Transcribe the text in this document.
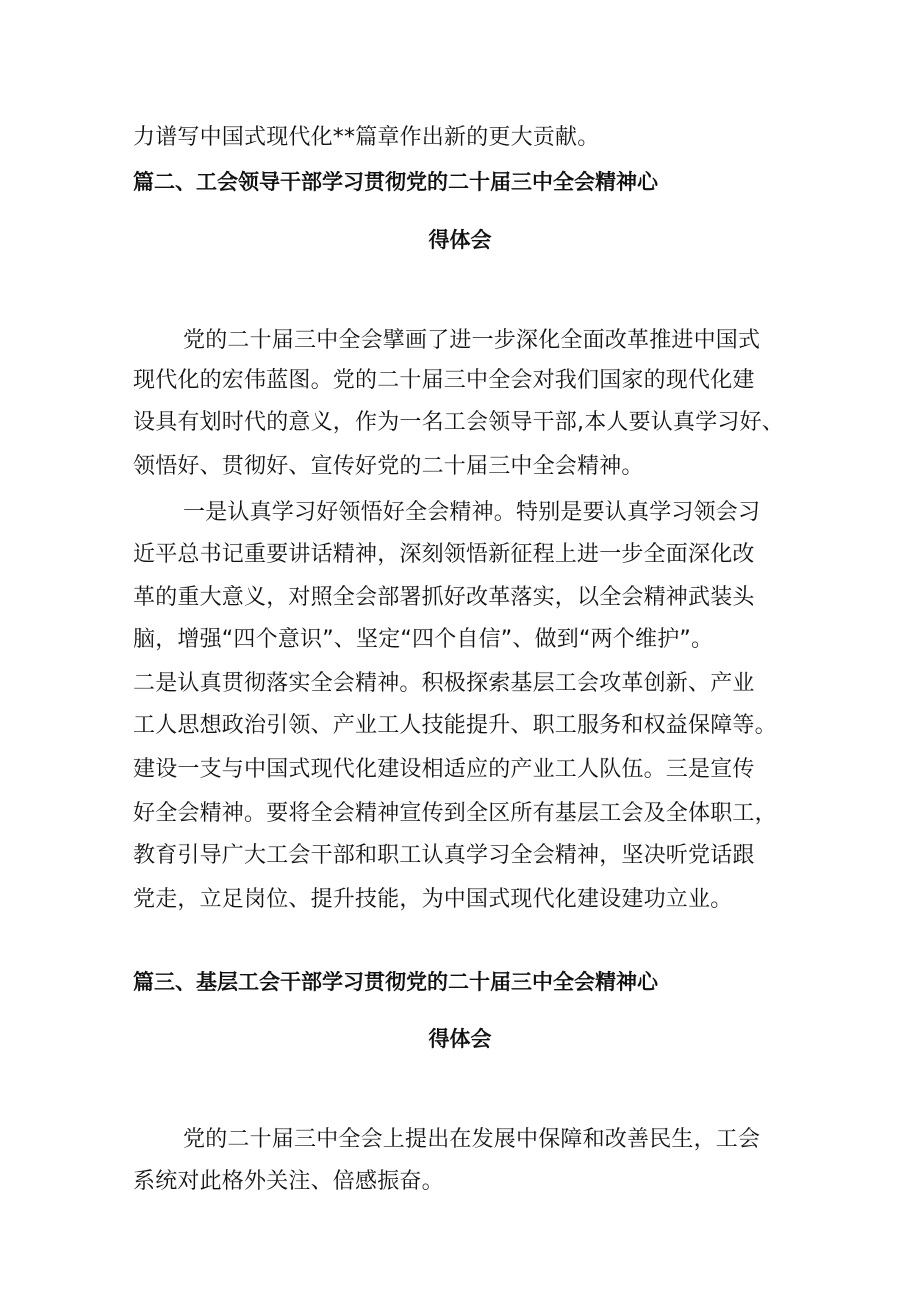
力谱写中国式现代化**篇章作出新的更大贡献。
篇二、工会领导干部学习贯彻党的二十届三中全会精神心
得体会
党的二十届三中全会擘画了进一步深化全面改革推进中国式
现代化的宏伟蓝图。党的二十届三中全会对我们国家的现代化建
设具有划时代的意义，作为一名工会领导干部,本人要认真学习好、
领悟好、贯彻好、宣传好党的二十届三中全会精神。
一是认真学习好领悟好全会精神。特别是要认真学习领会习
近平总书记重要讲话精神，深刻领悟新征程上进一步全面深化改
革的重大意义，对照全会部署抓好改革落实，以全会精神武装头
脑，增强“四个意识”、坚定“四个自信”、做到“两个维护”。
二是认真贯彻落实全会精神。积极探索基层工会攻革创新、产业
工人思想政治引领、产业工人技能提升、职工服务和权益保障等。
建设一支与中国式现代化建设相适应的产业工人队伍。三是宣传
好全会精神。要将全会精神宣传到全区所有基层工会及全体职工，
教育引导广大工会干部和职工认真学习全会精神，坚决听党话跟
党走，立足岗位、提升技能，为中国式现代化建设建功立业。
篇三、基层工会干部学习贯彻党的二十届三中全会精神心
得体会
党的二十届三中全会上提出在发展中保障和改善民生，工会
系统对此格外关注、倍感振奋。
